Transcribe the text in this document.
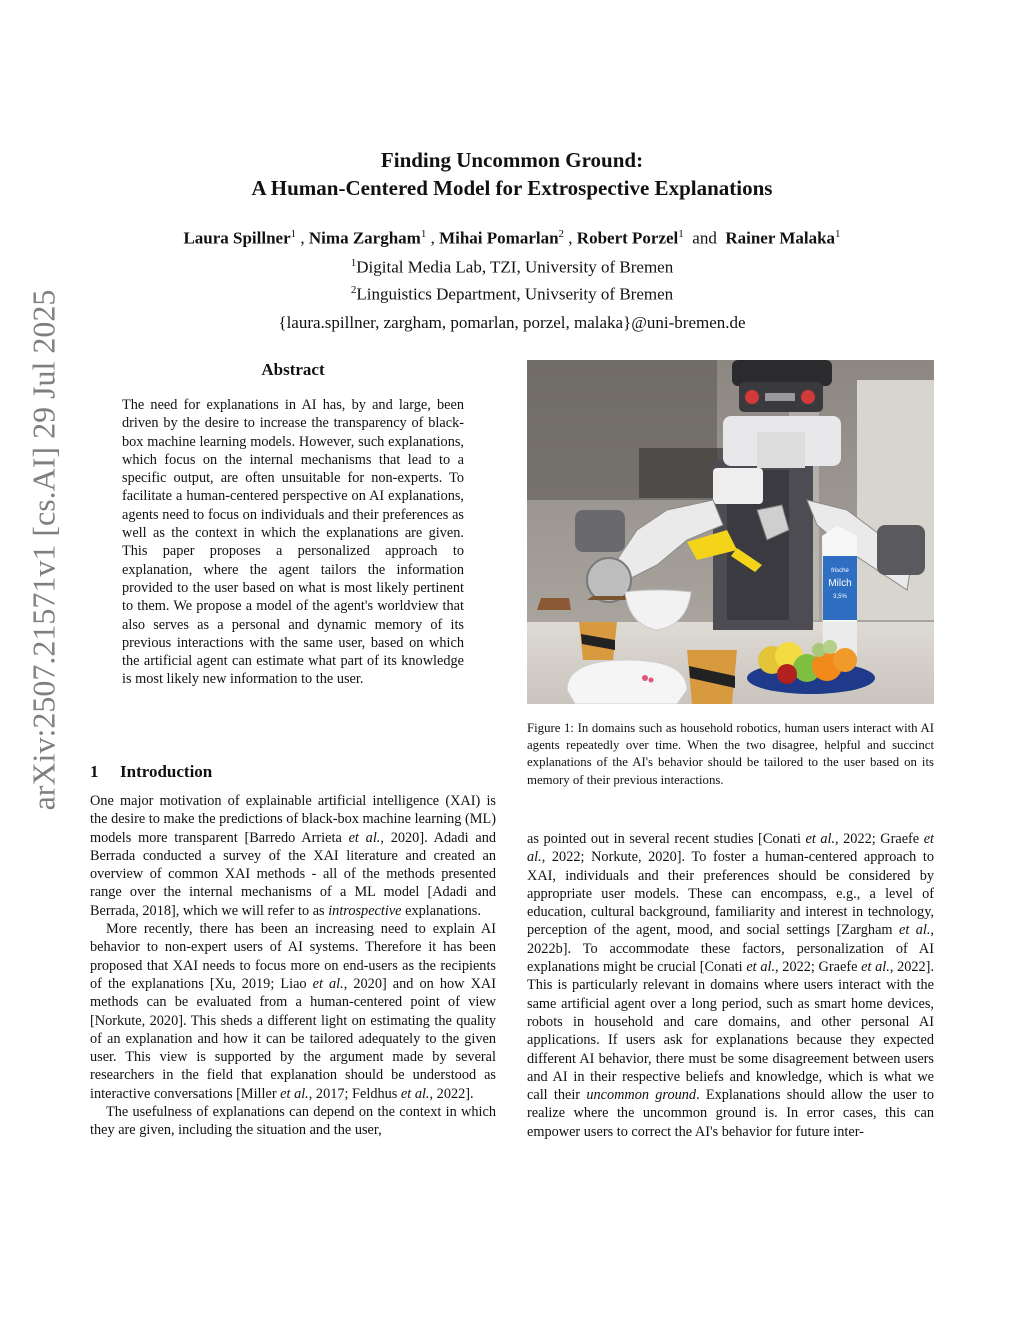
arXiv:2507.21571v1 [cs.AI] 29 Jul 2025
Finding Uncommon Ground:
A Human-Centered Model for Extrospective Explanations
Laura Spillner$^1$ , Nima Zargham$^1$ , Mihai Pomarlan$^2$ , Robert Porzel$^1$ and Rainer Malaka$^1$
$^1$Digital Media Lab, TZI, University of Bremen
$^2$Linguistics Department, Univserity of Bremen
{laura.spillner, zargham, pomarlan, porzel, malaka}@uni-bremen.de
Abstract
The need for explanations in AI has, by and large, been driven by the desire to increase the transparency of black-box machine learning models. However, such explanations, which focus on the internal mechanisms that lead to a specific output, are often unsuitable for non-experts. To facilitate a human-centered perspective on AI explanations, agents need to focus on individuals and their preferences as well as the context in which the explanations are given. This paper proposes a personalized approach to explanation, where the agent tailors the information provided to the user based on what is most likely pertinent to them. We propose a model of the agent's worldview that also serves as a personal and dynamic memory of its previous interactions with the same user, based on which the artificial agent can estimate what part of its knowledge is most likely new information to the user.
1 Introduction

One major motivation of explainable artificial intelligence (XAI) is the desire to make the predictions of black-box machine learning (ML) models more transparent [Barredo Arrieta et al., 2020]. Adadi and Berrada conducted a survey of the XAI literature and created an overview of common XAI methods - all of the methods presented range over the internal mechanisms of a ML model [Adadi and Berrada, 2018], which we will refer to as introspective explanations.

More recently, there has been an increasing need to explain AI behavior to non-expert users of AI systems. Therefore it has been proposed that XAI needs to focus more on end-users as the recipients of the explanations [Xu, 2019; Liao et al., 2020] and on how XAI methods can be evaluated from a human-centered point of view [Norkute, 2020]. This sheds a different light on estimating the quality of an explanation and how it can be tailored adequately to the given user. This view is supported by the argument made by several researchers in the field that explanation should be understood as interactive conversations [Miller et al., 2017; Feldhus et al., 2022].

The usefulness of explanations can depend on the context in which they are given, including the situation and the user,

frische
Milch
3,5%
Figure 1: In domains such as household robotics, human users interact with AI agents repeatedly over time. When the two disagree, helpful and succinct explanations of the AI's behavior should be tailored to the user based on its memory of their previous interactions.

as pointed out in several recent studies [Conati et al., 2022; Graefe et al., 2022; Norkute, 2020]. To foster a human-centered approach to XAI, individuals and their preferences should be considered by appropriate user models. These can encompass, e.g., a level of education, cultural background, familiarity and interest in technology, perception of the agent, mood, and social settings [Zargham et al., 2022b]. To accommodate these factors, personalization of AI explanations might be crucial [Conati et al., 2022; Graefe et al., 2022]. This is particularly relevant in domains where users interact with the same artificial agent over a long period, such as smart home devices, robots in household and care domains, and other personal AI applications. If users ask for explanations because they expected different AI behavior, there must be some disagreement between users and AI in their respective beliefs and knowledge, which is what we call their uncommon ground. Explanations should allow the user to realize where the uncommon ground is. In error cases, this can empower users to correct the AI's behavior for future inter-
